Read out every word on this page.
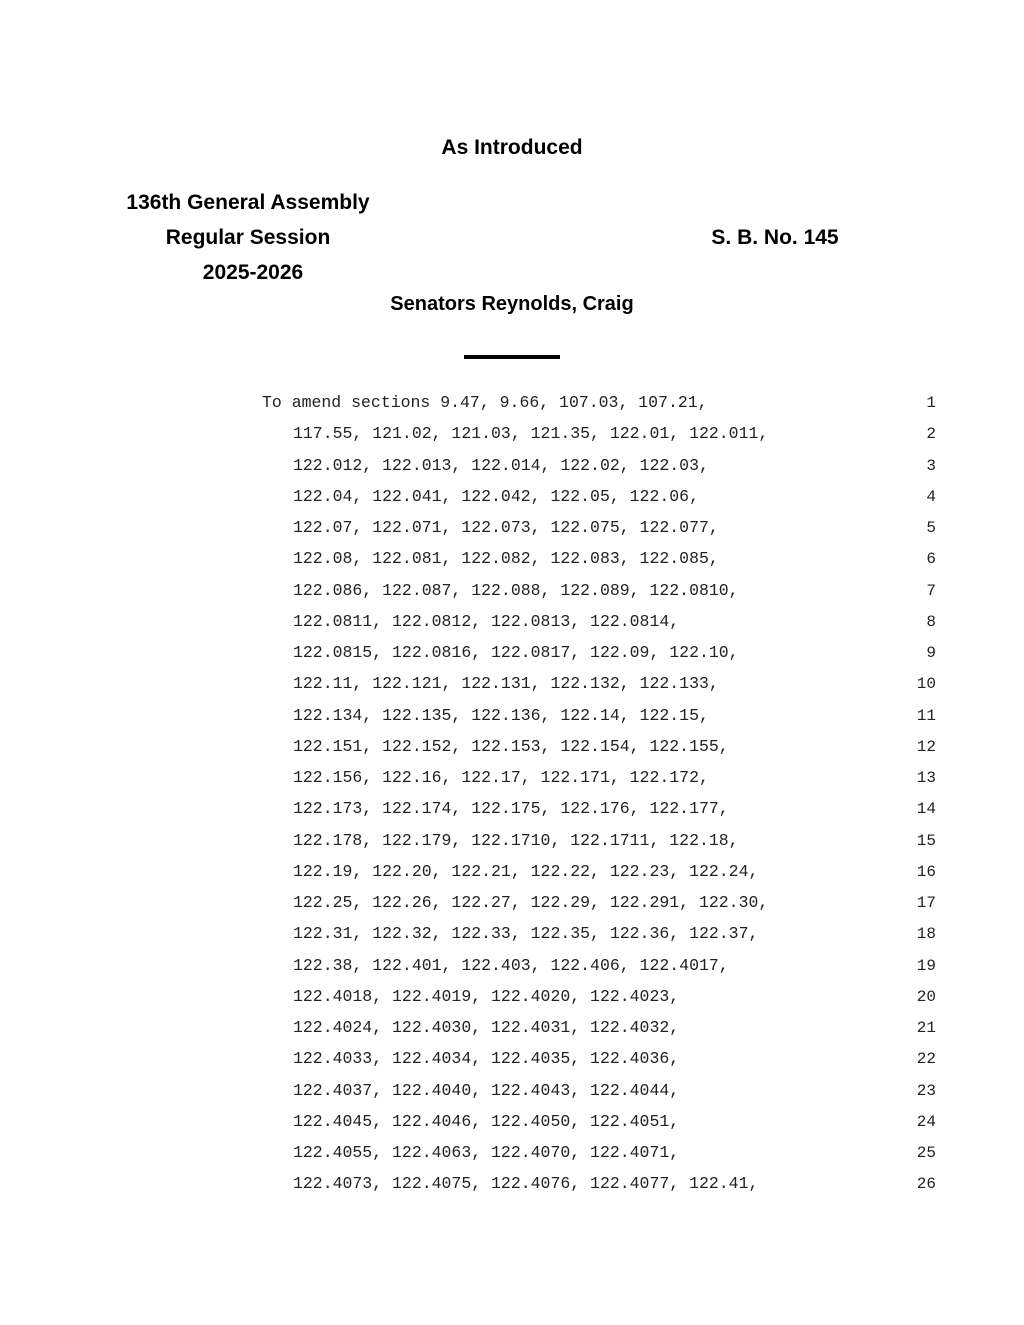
As Introduced
136th General Assembly
Regular Session
2025-2026
S. B. No. 145
Senators Reynolds, Craig
To amend sections 9.47, 9.66, 107.03, 107.21,	1
117.55, 121.02, 121.03, 121.35, 122.01, 122.011,	2
122.012, 122.013, 122.014, 122.02, 122.03,	3
122.04, 122.041, 122.042, 122.05, 122.06,	4
122.07, 122.071, 122.073, 122.075, 122.077,	5
122.08, 122.081, 122.082, 122.083, 122.085,	6
122.086, 122.087, 122.088, 122.089, 122.0810,	7
122.0811, 122.0812, 122.0813, 122.0814,	8
122.0815, 122.0816, 122.0817, 122.09, 122.10,	9
122.11, 122.121, 122.131, 122.132, 122.133,	10
122.134, 122.135, 122.136, 122.14, 122.15,	11
122.151, 122.152, 122.153, 122.154, 122.155,	12
122.156, 122.16, 122.17, 122.171, 122.172,	13
122.173, 122.174, 122.175, 122.176, 122.177,	14
122.178, 122.179, 122.1710, 122.1711, 122.18,	15
122.19, 122.20, 122.21, 122.22, 122.23, 122.24,	16
122.25, 122.26, 122.27, 122.29, 122.291, 122.30,	17
122.31, 122.32, 122.33, 122.35, 122.36, 122.37,	18
122.38, 122.401, 122.403, 122.406, 122.4017,	19
122.4018, 122.4019, 122.4020, 122.4023,	20
122.4024, 122.4030, 122.4031, 122.4032,	21
122.4033, 122.4034, 122.4035, 122.4036,	22
122.4037, 122.4040, 122.4043, 122.4044,	23
122.4045, 122.4046, 122.4050, 122.4051,	24
122.4055, 122.4063, 122.4070, 122.4071,	25
122.4073, 122.4075, 122.4076, 122.4077, 122.41,	26
